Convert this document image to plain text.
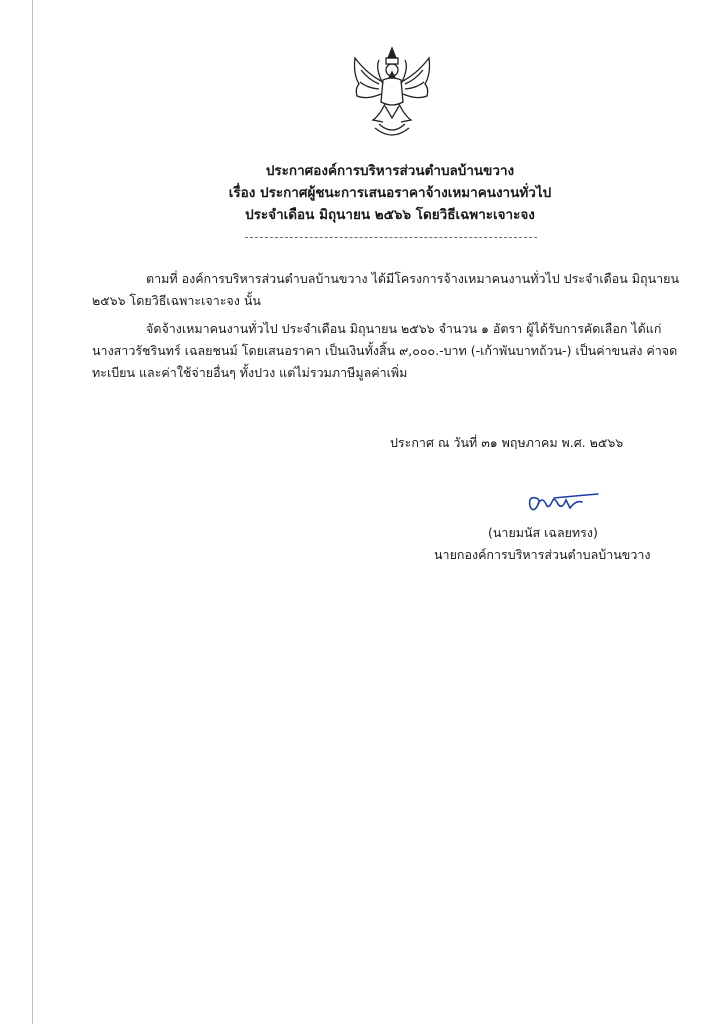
ประกาศองค์การบริหารส่วนตำบลบ้านขวาง
เรื่อง ประกาศผู้ชนะการเสนอราคาจ้างเหมาคนงานทั่วไป
ประจำเดือน มิถุนายน ๒๕๖๖ โดยวิธีเฉพาะเจาะจง
ตามที่ องค์การบริหารส่วนตำบลบ้านขวาง ได้มีโครงการจ้างเหมาคนงานทั่วไป ประจำเดือน มิถุนายน
๒๕๖๖ โดยวิธีเฉพาะเจาะจง นั้น
จัดจ้างเหมาคนงานทั่วไป ประจำเดือน มิถุนายน ๒๕๖๖ จำนวน ๑ อัตรา ผู้ได้รับการคัดเลือก ได้แก่
นางสาวรัชรินทร์ เฉลยชนม์ โดยเสนอราคา เป็นเงินทั้งสิ้น ๙,๐๐๐.-บาท (-เก้าพันบาทถ้วน-) เป็นค่าขนส่ง ค่าจด
ทะเบียน และค่าใช้จ่ายอื่นๆ ทั้งปวง แต่ไม่รวมภาษีมูลค่าเพิ่ม
ประกาศ ณ วันที่ ๓๑ พฤษภาคม พ.ศ. ๒๕๖๖
(นายมนัส เฉลยทรง)
นายกองค์การบริหารส่วนตำบลบ้านขวาง
